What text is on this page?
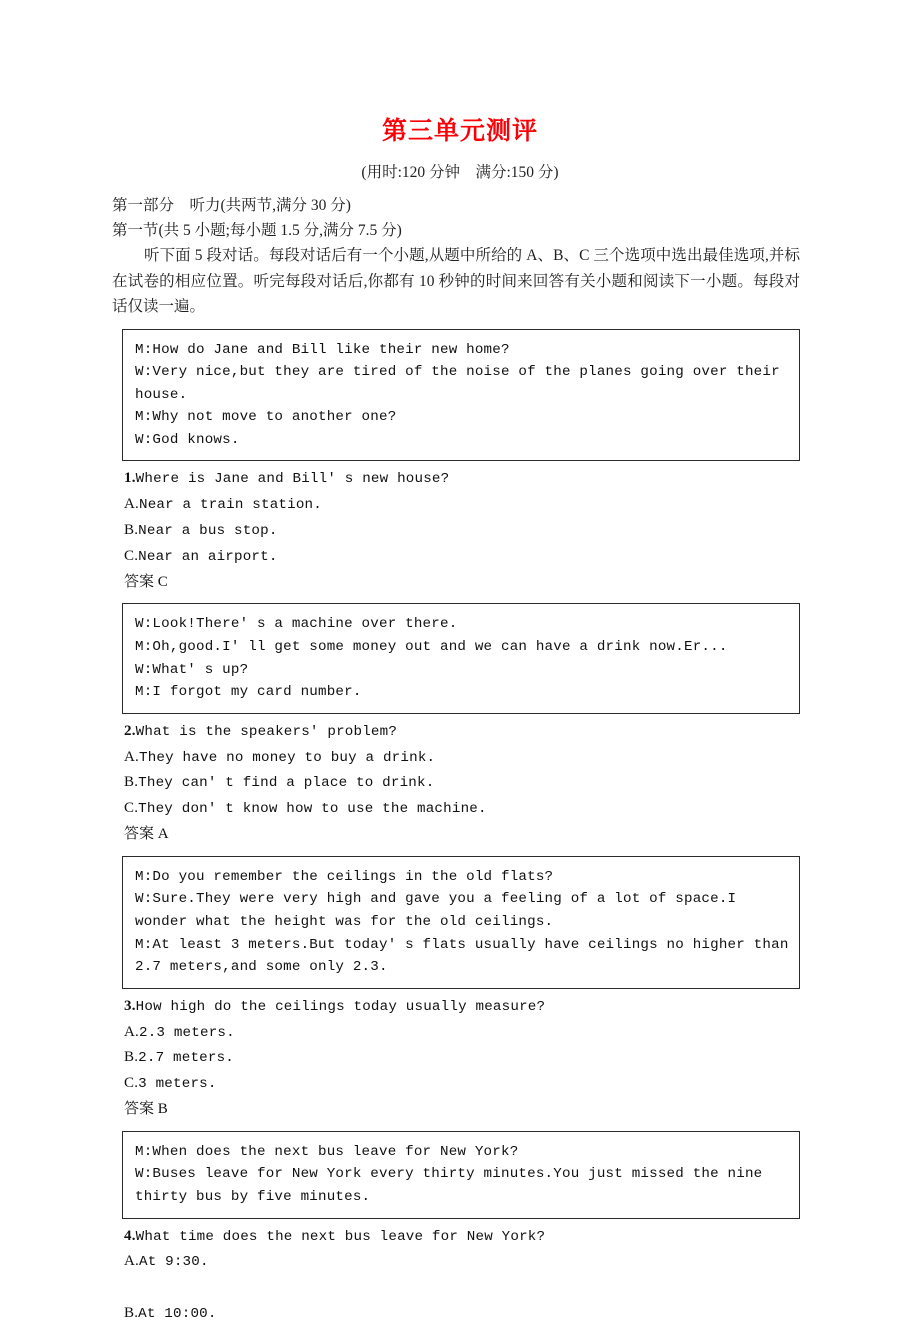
第三单元测评
(用时:120 分钟　满分:150 分)
第一部分　听力(共两节,满分 30 分)
第一节(共 5 小题;每小题 1.5 分,满分 7.5 分)

听下面 5 段对话。每段对话后有一个小题,从题中所给的 A、B、C 三个选项中选出最佳选项,并标在试卷的相应位置。听完每段对话后,你都有 10 秒钟的时间来回答有关小题和阅读下一小题。每段对话仅读一遍。

M:How do Jane and Bill like their new home?

W:Very nice,but they are tired of the noise of the planes going over their house.

M:Why not move to another one?

W:God knows.

1.Where is Jane and Bill' s new house?

A.Near a train station.

B.Near a bus stop.

C.Near an airport.

答案 C

W:Look!There' s a machine over there.

M:Oh,good.I' ll get some money out and we can have a drink now.Er...

W:What' s up?

M:I forgot my card number.

2.What is the speakers' problem?

A.They have no money to buy a drink.

B.They can' t find a place to drink.

C.They don' t know how to use the machine.

答案 A

M:Do you remember the ceilings in the old flats?

W:Sure.They were very high and gave you a feeling of a lot of space.I wonder what the height was for the old ceilings.

M:At least 3 meters.But today' s flats usually have ceilings no higher than 2.7 meters,and some only 2.3.

3.How high do the ceilings today usually measure?

A.2.3 meters.

B.2.7 meters.

C.3 meters.

答案 B

M:When does the next bus leave for New York?

W:Buses leave for New York every thirty minutes.You just missed the nine thirty bus by five minutes.

4.What time does the next bus leave for New York?

A.At 9:30.

B.At 10:00.
